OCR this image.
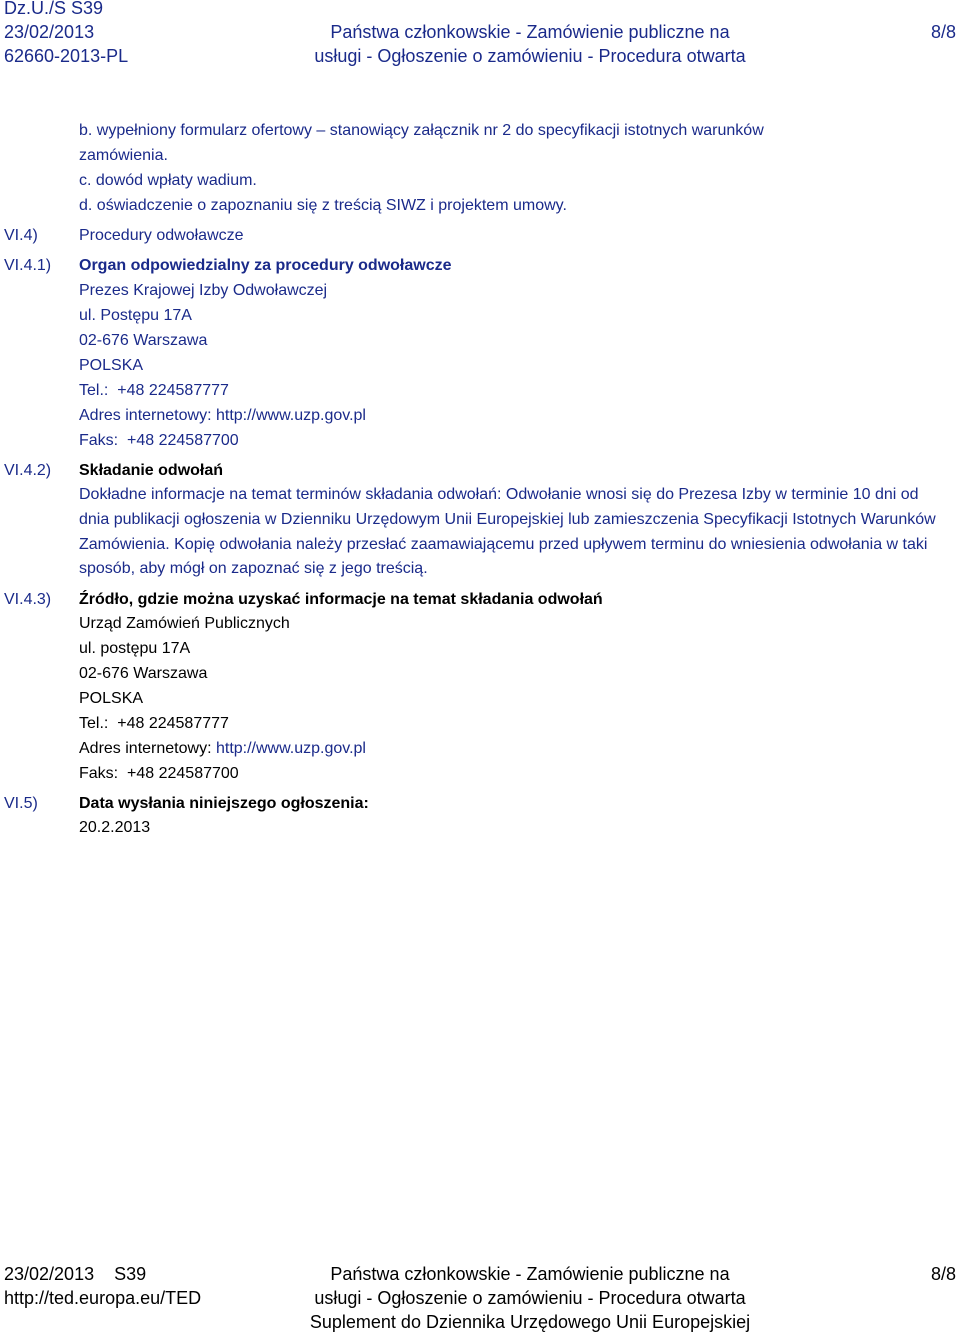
Dz.U./S S39
23/02/2013
62660-2013-PL
Państwa członkowskie - Zamówienie publiczne na
usługi - Ogłoszenie o zamówieniu - Procedura otwarta
8/8
b. wypełniony formularz ofertowy – stanowiący załącznik nr 2 do specyfikacji istotnych warunków
zamówienia.
c. dowód wpłaty wadium.
d. oświadczenie o zapoznaniu się z treścią SIWZ i projektem umowy.
VI.4)	Procedury odwoławcze
VI.4.1) Organ odpowiedzialny za procedury odwoławcze
Prezes Krajowej Izby Odwoławczej
ul. Postępu 17A
02-676 Warszawa
POLSKA
Tel.: +48 224587777
Adres internetowy: http://www.uzp.gov.pl
Faks: +48 224587700
VI.4.2) Składanie odwołań
Dokładne informacje na temat terminów składania odwołań: Odwołanie wnosi się do Prezesa Izby w terminie 10 dni od dnia publikacji ogłoszenia w Dzienniku Urzędowym Unii Europejskiej lub zamieszczenia Specyfikacji Istotnych Warunków Zamówienia. Kopię odwołania należy przesłać zaamawiającemu przed upływem terminu do wniesienia odwołania w taki sposób, aby mógł on zapoznać się z jego treścią.
VI.4.3) Źródło, gdzie można uzyskać informacje na temat składania odwołań
Urząd Zamówień Publicznych
ul. postępu 17A
02-676 Warszawa
POLSKA
Tel.: +48 224587777
Adres internetowy: http://www.uzp.gov.pl
Faks: +48 224587700
VI.5)	Data wysłania niniejszego ogłoszenia:
20.2.2013
23/02/2013    S39
http://ted.europa.eu/TED
Państwa członkowskie - Zamówienie publiczne na
usługi - Ogłoszenie o zamówieniu - Procedura otwarta
Suplement do Dziennika Urzędowego Unii Europejskiej
8/8
